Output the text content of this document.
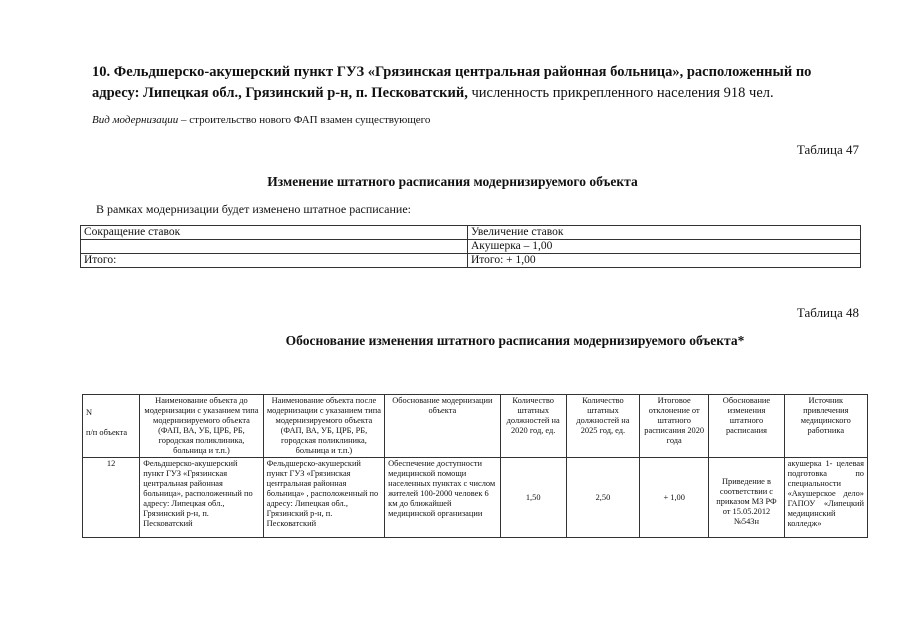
10. Фельдшерско-акушерский пункт ГУЗ «Грязинская центральная районная больница», расположенный по адресу: Липецкая обл., Грязинский р-н, п. Песковатский, численность прикрепленного населения 918 чел.
Вид модернизации – строительство нового ФАП взамен существующего
Таблица 47
Изменение штатного расписания модернизируемого объекта
В рамках модернизации будет изменено штатное расписание:
Сокращение ставок	Увеличение ставок
	Акушерка – 1,00
Итого:	Итого: + 1,00
Таблица 48
Обоснование изменения штатного расписания модернизируемого объекта*
N

п/п объекта	Наименование объекта до модернизации с указанием типа модернизируемого объекта (ФАП, ВА, УБ, ЦРБ, РБ, городская поликлиника, больница и т.п.)	Наименование объекта после модернизации с указанием типа модернизируемого объекта (ФАП, ВА, УБ, ЦРБ, РБ, городская поликлиника, больница и т.п.)	Обоснование модернизации объекта	Количество штатных должностей на 2020 год, ед.	Количество штатных должностей на 2025 год, ед.	Итоговое отклонение от штатного расписания 2020 года	Обоснование изменения штатного расписания	Источник привлечения медицинского работника
12	Фельдшерско-акушерский пункт ГУЗ «Грязинская центральная районная больница», расположенный по адресу: Липецкая обл., Грязинский р-н, п. Песковатский	Фельдшерско-акушерский пункт ГУЗ «Грязинская центральная районная больница» , расположенный по адресу: Липецкая обл., Грязинский р-н, п. Песковатский	Обеспечение доступности медицинской помощи населенных пунктах с числом жителей 100-2000 человек 6 км до ближайшей медицинской организации	1,50	2,50	+ 1,00	Приведение в соответствии с приказом МЗ РФ от 15.05.2012 №543н	акушерка 1- целевая подготовка по специальности «Акушерское дело» ГАПОУ «Липецкий медицинский колледж»
